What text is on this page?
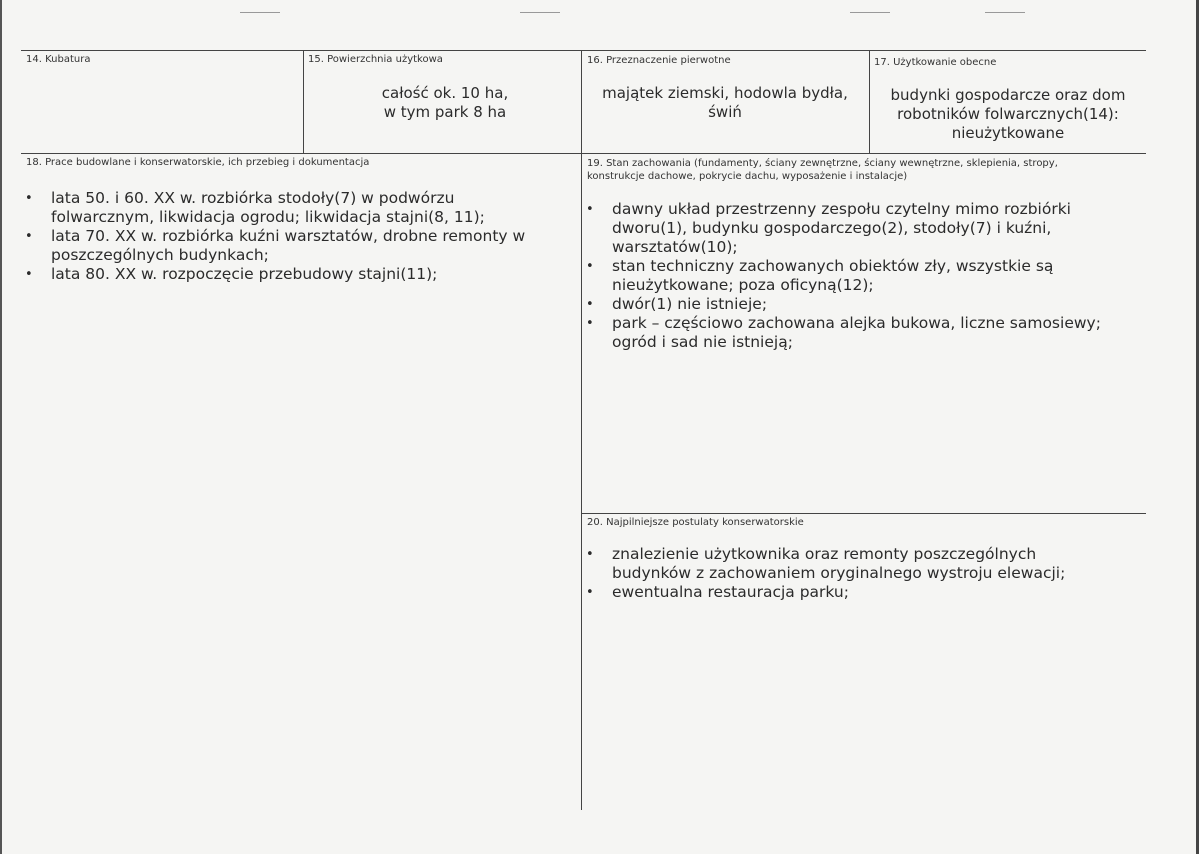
14. Kubatura	15. Powierzchnia użytkowa
całość ok. 10 ha,
w tym park 8 ha
16. Przeznaczenie pierwotne
majątek ziemski, hodowla bydła, świń
17. Użytkowanie obecne
budynki gospodarcze oraz dom
robotników folwarcznych(14):
nieużytkowane
18. Prace budowlane i konserwatorskie, ich przebieg i dokumentacja
• lata 50. i 60. XX w. rozbiórka stodoły(7) w podwórzu folwarcznym, likwidacja ogrodu; likwidacja stajni(8, 11);
• lata 70. XX w. rozbiórka kuźni warsztatów, drobne remonty w poszczególnych budynkach;
• lata 80. XX w. rozpoczęcie przebudowy stajni(11);
19. Stan zachowania (fundamenty, ściany zewnętrzne, ściany wewnętrzne, sklepienia, stropy,
konstrukcje dachowe, pokrycie dachu, wyposażenie i instalacje)
• dawny układ przestrzenny zespołu czytelny mimo rozbiórki dworu(1), budynku gospodarczego(2), stodoły(7) i kuźni, warsztatów(10);
• stan techniczny zachowanych obiektów zły, wszystkie są nieużytkowane; poza oficyną(12);
• dwór(1) nie istnieje;
• park – częściowo zachowana alejka bukowa, liczne samosiewy; ogród i sad nie istnieją;
20. Najpilniejsze postulaty konserwatorskie
• znalezienie użytkownika oraz remonty poszczególnych budynków z zachowaniem oryginalnego wystroju elewacji;
• ewentualna restauracja parku;
